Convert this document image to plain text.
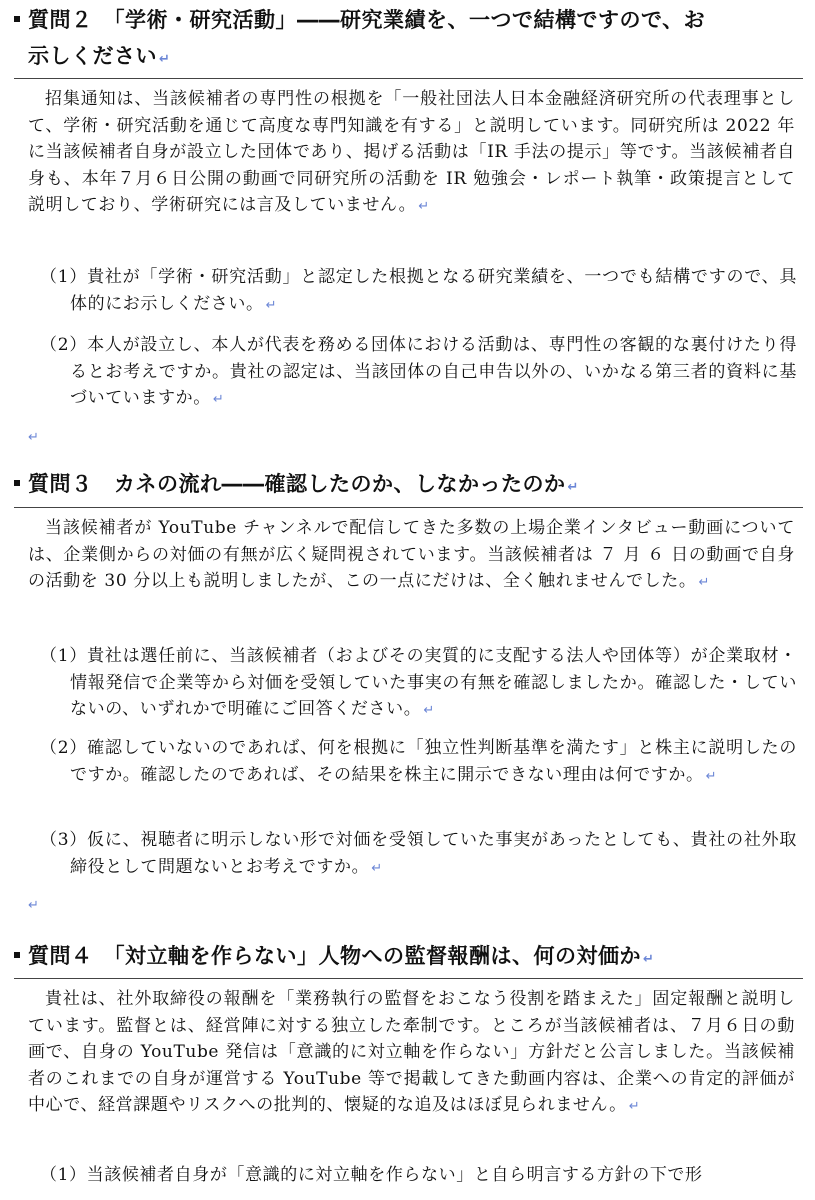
質問２　「学術・研究活動」――研究業績を、一つで結構ですので、お
示しください ↵
招集通知は、当該候補者の専門性の根拠を「一般社団法人日本金融経済研究所の代表理事として、学術・研究活動を通じて高度な専門知識を有する」と説明しています。同研究所は 2022 年に当該候補者自身が設立した団体であり、掲げる活動は「IR 手法の提示」等です。当該候補者自身も、本年７月６日公開の動画で同研究所の活動を IR 勉強会・レポート執筆・政策提言として説明しており、学術研究には言及していません。 ↵
（1）貴社が「学術・研究活動」と認定した根拠となる研究業績を、一つでも結構ですので、具体的にお示しください。 ↵
（2）本人が設立し、本人が代表を務める団体における活動は、専門性の客観的な裏付けたり得るとお考えですか。貴社の認定は、当該団体の自己申告以外の、いかなる第三者的資料に基づいていますか。 ↵
↵
質問３　カネの流れ――確認したのか、しなかったのか ↵
当該候補者が YouTube チャンネルで配信してきた多数の上場企業インタビュー動画については、企業側からの対価の有無が広く疑問視されています。当該候補者は ７ 月 ６ 日の動画で自身の活動を 30 分以上も説明しましたが、この一点にだけは、全く触れませんでした。 ↵
（1）貴社は選任前に、当該候補者（およびその実質的に支配する法人や団体等）が企業取材・情報発信で企業等から対価を受領していた事実の有無を確認しましたか。確認した・していないの、いずれかで明確にご回答ください。 ↵
（2）確認していないのであれば、何を根拠に「独立性判断基準を満たす」と株主に説明したのですか。確認したのであれば、その結果を株主に開示できない理由は何ですか。 ↵
（3）仮に、視聴者に明示しない形で対価を受領していた事実があったとしても、貴社の社外取締役として問題ないとお考えですか。 ↵
↵
質問４　「対立軸を作らない」人物への監督報酬は、何の対価か ↵
貴社は、社外取締役の報酬を「業務執行の監督をおこなう役割を踏まえた」固定報酬と説明しています。監督とは、経営陣に対する独立した牽制です。ところが当該候補者は、７月６日の動画で、自身の YouTube 発信は「意識的に対立軸を作らない」方針だと公言しました。当該候補者のこれまでの自身が運営する YouTube 等で掲載してきた動画内容は、企業への肯定的評価が中心で、経営課題やリスクへの批判的、懐疑的な追及はほぼ見られません。 ↵
（1）当該候補者自身が「意識的に対立軸を作らない」と自ら明言する方針の下で形
